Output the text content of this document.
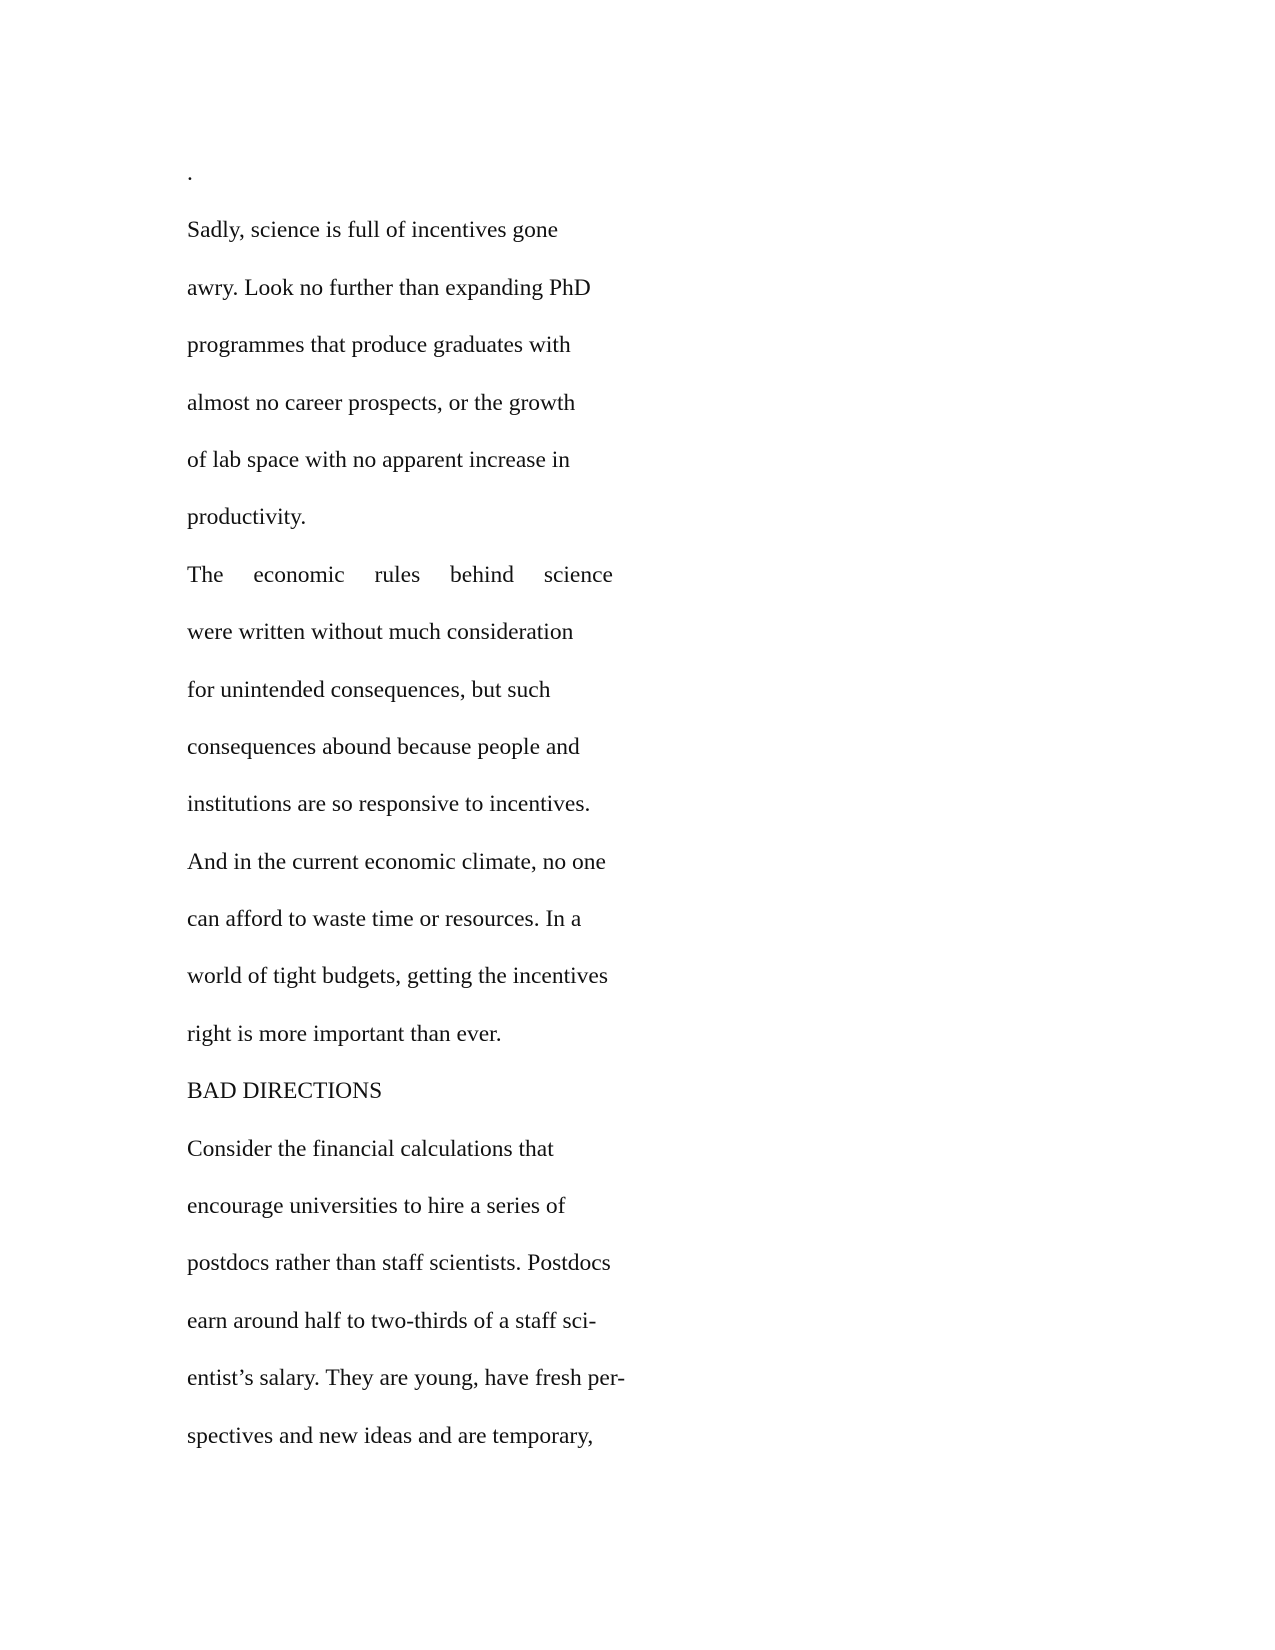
.
Sadly, science is full of incentives gone
awry. Look no further than expanding PhD
programmes that produce graduates with
almost no career prospects, or the growth
of lab space with no apparent increase in
productivity.
The economic rules behind science
were written without much consideration
for unintended consequences, but such
consequences abound because people and
institutions are so responsive to incentives.
And in the current economic climate, no one
can afford to waste time or resources. In a
world of tight budgets, getting the incentives
right is more important than ever.
BAD DIRECTIONS
Consider the financial calculations that
encourage universities to hire a series of
postdocs rather than staff scientists. Postdocs
earn around half to two-thirds of a staff sci-
entist’s salary. They are young, have fresh per-
spectives and new ideas and are temporary,
